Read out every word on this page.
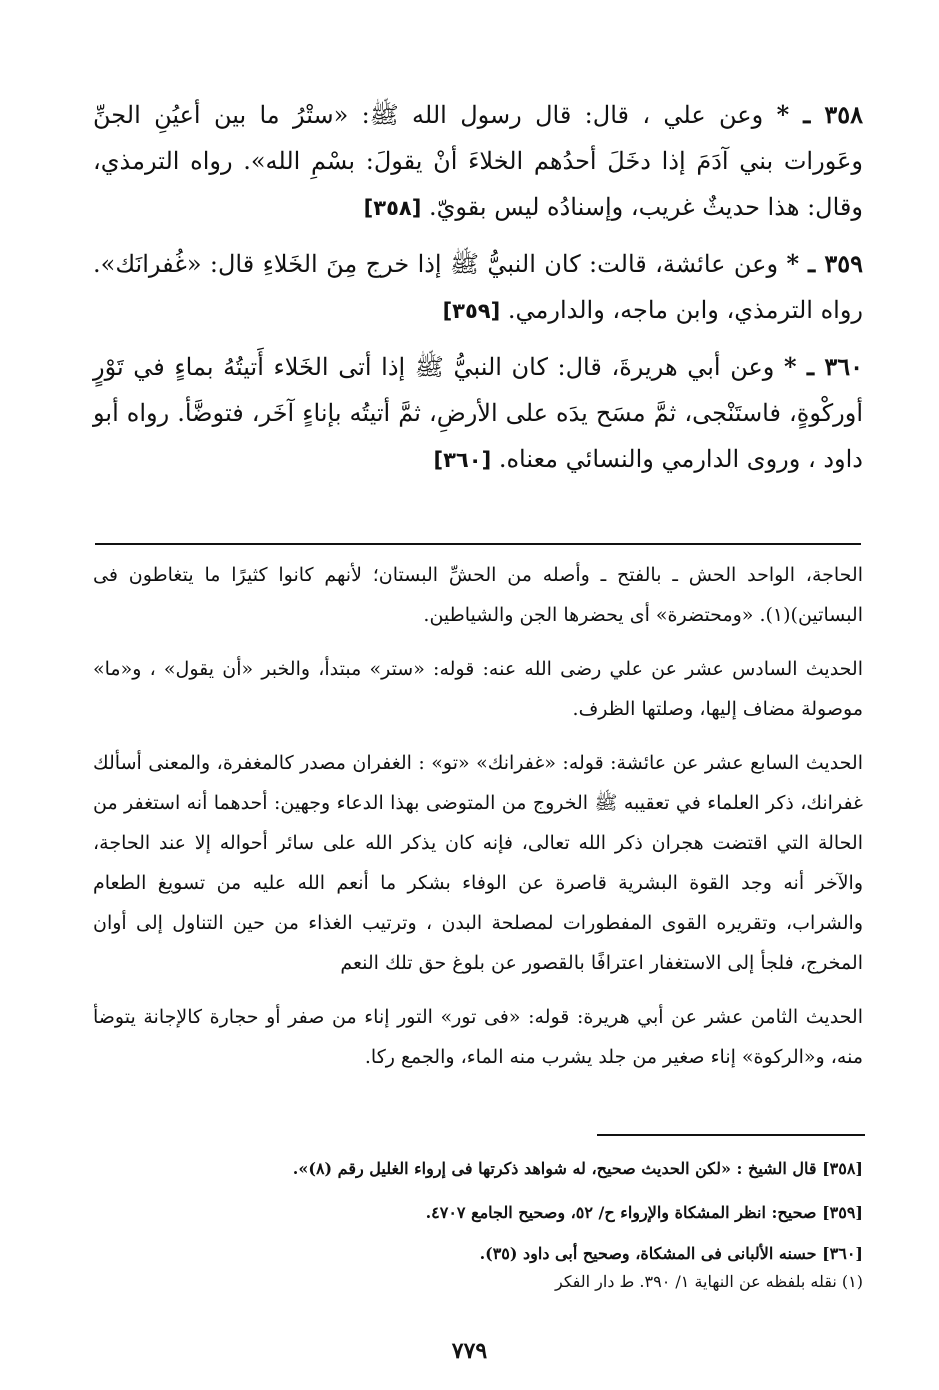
٣٥٨ ـ * وعن علي ، قال: قال رسول الله ﷺ: «ستْرُ ما بين أعيُنِ الجنِّ وعَورات بني آدَمَ إذا دخَلَ أحدُهم الخلاءَ أنْ يقولَ: بسْمِ الله». رواه الترمذي، وقال: هذا حديثٌ غريب، وإسنادُه ليس بقويّ. [٣٥٨]

٣٥٩ ـ * وعن عائشة، قالت: كان النبيُّ ﷺ إذا خرج مِنَ الخَلاءِ قال: «غُفرانَك». رواه الترمذي، وابن ماجه، والدارمي. [٣٥٩]

٣٦٠ ـ * وعن أبي هريرةَ، قال: كان النبيُّ ﷺ إذا أتى الخَلاء أَتيتُهُ بماءٍ في تَوْرٍ أوركْوةٍ، فاستَنْجى، ثمَّ مسَح يدَه على الأرضِ، ثمَّ أتيتُه بإناءٍ آخَر، فتوضَّأ. رواه أبو داود ، وروى الدارمي والنسائي معناه. [٣٦٠]

الحاجة، الواحد الحش ـ بالفتح ـ وأصله من الحشِّ البستان؛ لأنهم كانوا كثيرًا ما يتغاطون فى البساتين)(١). «ومحتضرة» أى يحضرها الجن والشياطين.

الحديث السادس عشر عن علي رضى الله عنه: قوله: «ستر» مبتدأ، والخبر «أن يقول» ، و«ما» موصولة مضاف إليها، وصلتها الظرف.

الحديث السابع عشر عن عائشة: قوله: «غفرانك» «تو» : الغفران مصدر كالمغفرة، والمعنى أسألك غفرانك، ذكر العلماء في تعقيبه ﷺ الخروج من المتوضى بهذا الدعاء وجهين: أحدهما أنه استغفر من الحالة التي اقتضت هجران ذكر الله تعالى، فإنه كان يذكر الله على سائر أحواله إلا عند الحاجة، والآخر أنه وجد القوة البشرية قاصرة عن الوفاء بشكر ما أنعم الله عليه من تسويغ الطعام والشراب، وتقريره القوى المفطورات لمصلحة البدن ، وترتيب الغذاء من حين التناول إلى أوان المخرج، فلجأ إلى الاستغفار اعترافًا بالقصور عن بلوغ حق تلك النعم

الحديث الثامن عشر عن أبي هريرة: قوله: «فى تور» التور إناء من صفر أو حجارة كالإجانة يتوضأ منه، و«الركوة» إناء صغير من جلد يشرب منه الماء، والجمع ركا.

[٣٥٨] قال الشيخ : «لكن الحديث صحيح، له شواهد ذكرتها فى إرواء الغليل رقم (٨)».

[٣٥٩] صحيح: انظر المشكاة والإرواء ح/ ٥٢، وصحيح الجامع ٤٧٠٧.

[٣٦٠] حسنه الألبانى فى المشكاة، وصحيح أبى داود (٣٥).

(١) نقله بلفظه عن النهاية ١/ ٣٩٠. ط دار الفكر

٧٧٩
